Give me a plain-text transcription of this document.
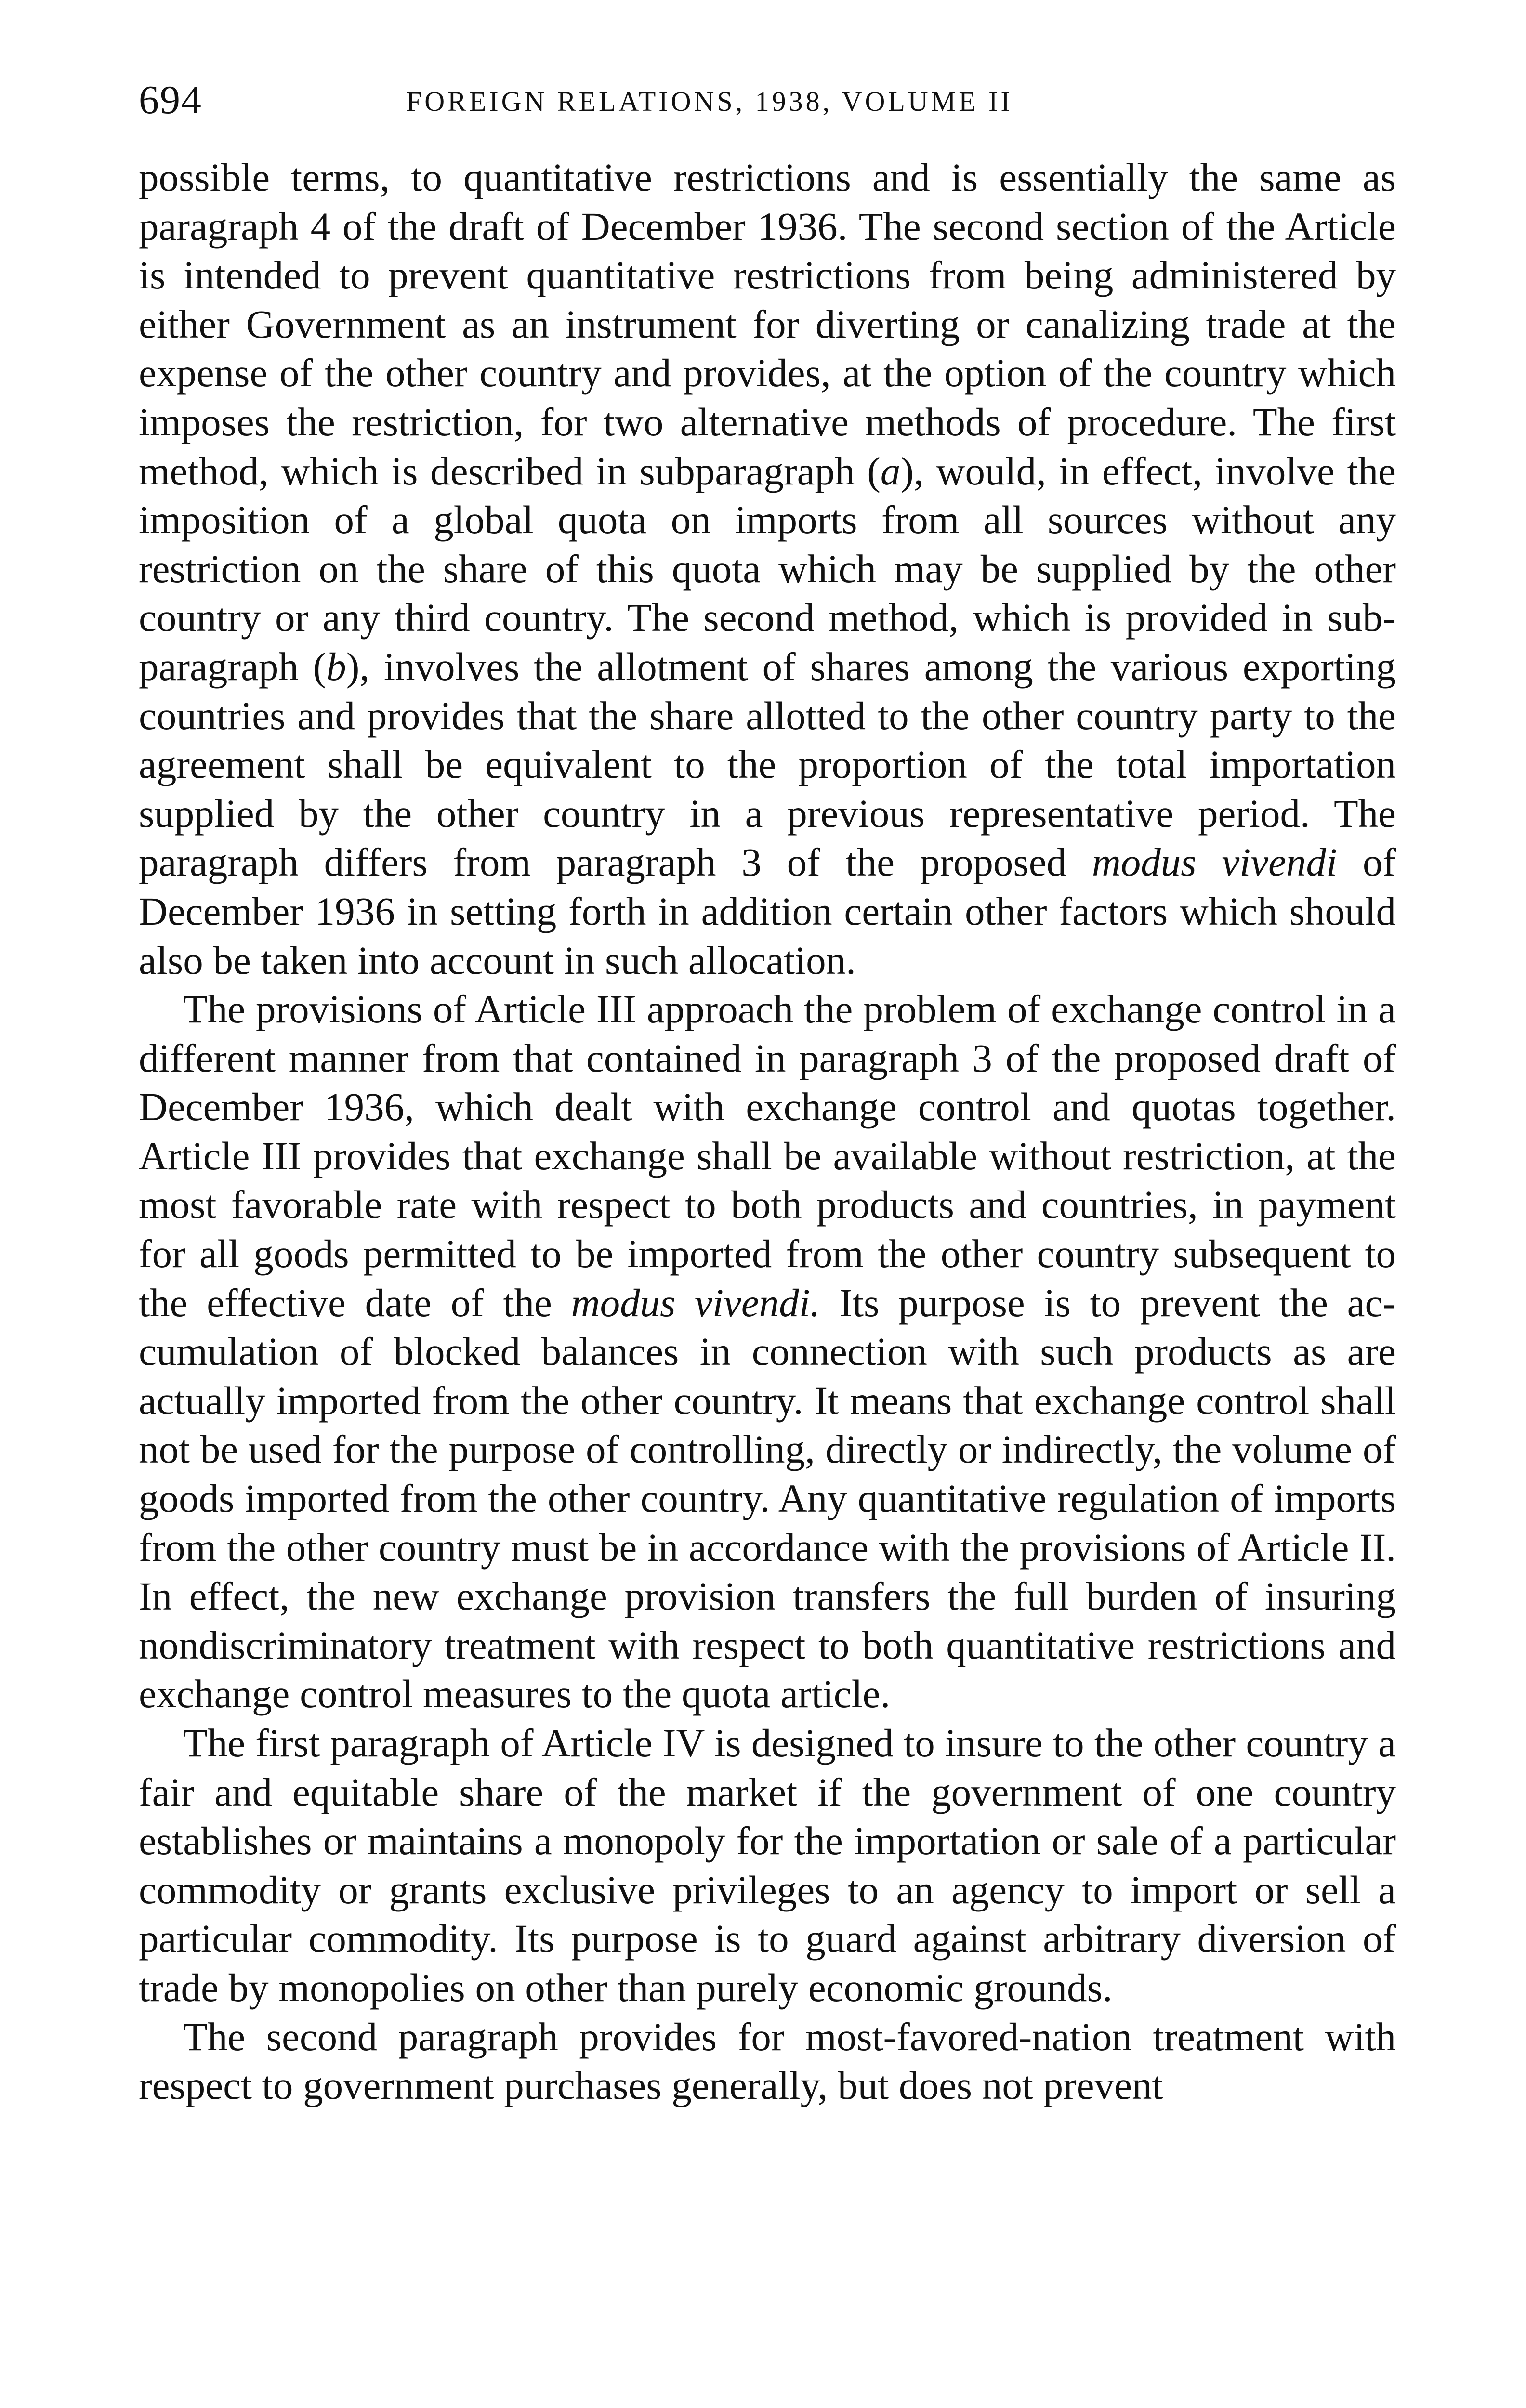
694	FOREIGN RELATIONS, 1938, VOLUME II

possible terms, to quantitative restrictions and is essentially the same as paragraph 4 of the draft of December 1936. The second section of the Article is intended to prevent quantitative restrictions from being administered by either Government as an instrument for diverting or canalizing trade at the expense of the other country and provides, at the option of the country which imposes the restriction, for two alternative methods of procedure. The first method, which is described in subparagraph (a), would, in effect, involve the imposition of a global quota on imports from all sources without any restriction on the share of this quota which may be supplied by the other country or any third country. The second method, which is provided in sub-paragraph (b), involves the allotment of shares among the various exporting countries and provides that the share allotted to the other country party to the agreement shall be equivalent to the proportion of the total importation supplied by the other country in a previous representative period. The paragraph differs from paragraph 3 of the proposed modus vivendi of December 1936 in setting forth in addition certain other factors which should also be taken into account in such allocation.

The provisions of Article III approach the problem of exchange control in a different manner from that contained in paragraph 3 of the proposed draft of December 1936, which dealt with exchange control and quotas together. Article III provides that exchange shall be available without restriction, at the most favorable rate with respect to both products and countries, in payment for all goods permitted to be imported from the other country subsequent to the effective date of the modus vivendi. Its purpose is to prevent the accumulation of blocked balances in connection with such products as are actually imported from the other country. It means that exchange control shall not be used for the purpose of controlling, directly or indirectly, the volume of goods imported from the other country. Any quantitative regulation of imports from the other country must be in accordance with the provisions of Article II. In effect, the new exchange provision transfers the full burden of insuring nondiscriminatory treatment with respect to both quantitative restrictions and exchange control measures to the quota article.

The first paragraph of Article IV is designed to insure to the other country a fair and equitable share of the market if the government of one country establishes or maintains a monopoly for the importation or sale of a particular commodity or grants exclusive privileges to an agency to import or sell a particular commodity. Its purpose is to guard against arbitrary diversion of trade by monopolies on other than purely economic grounds.

The second paragraph provides for most-favored-nation treatment with respect to government purchases generally, but does not prevent
